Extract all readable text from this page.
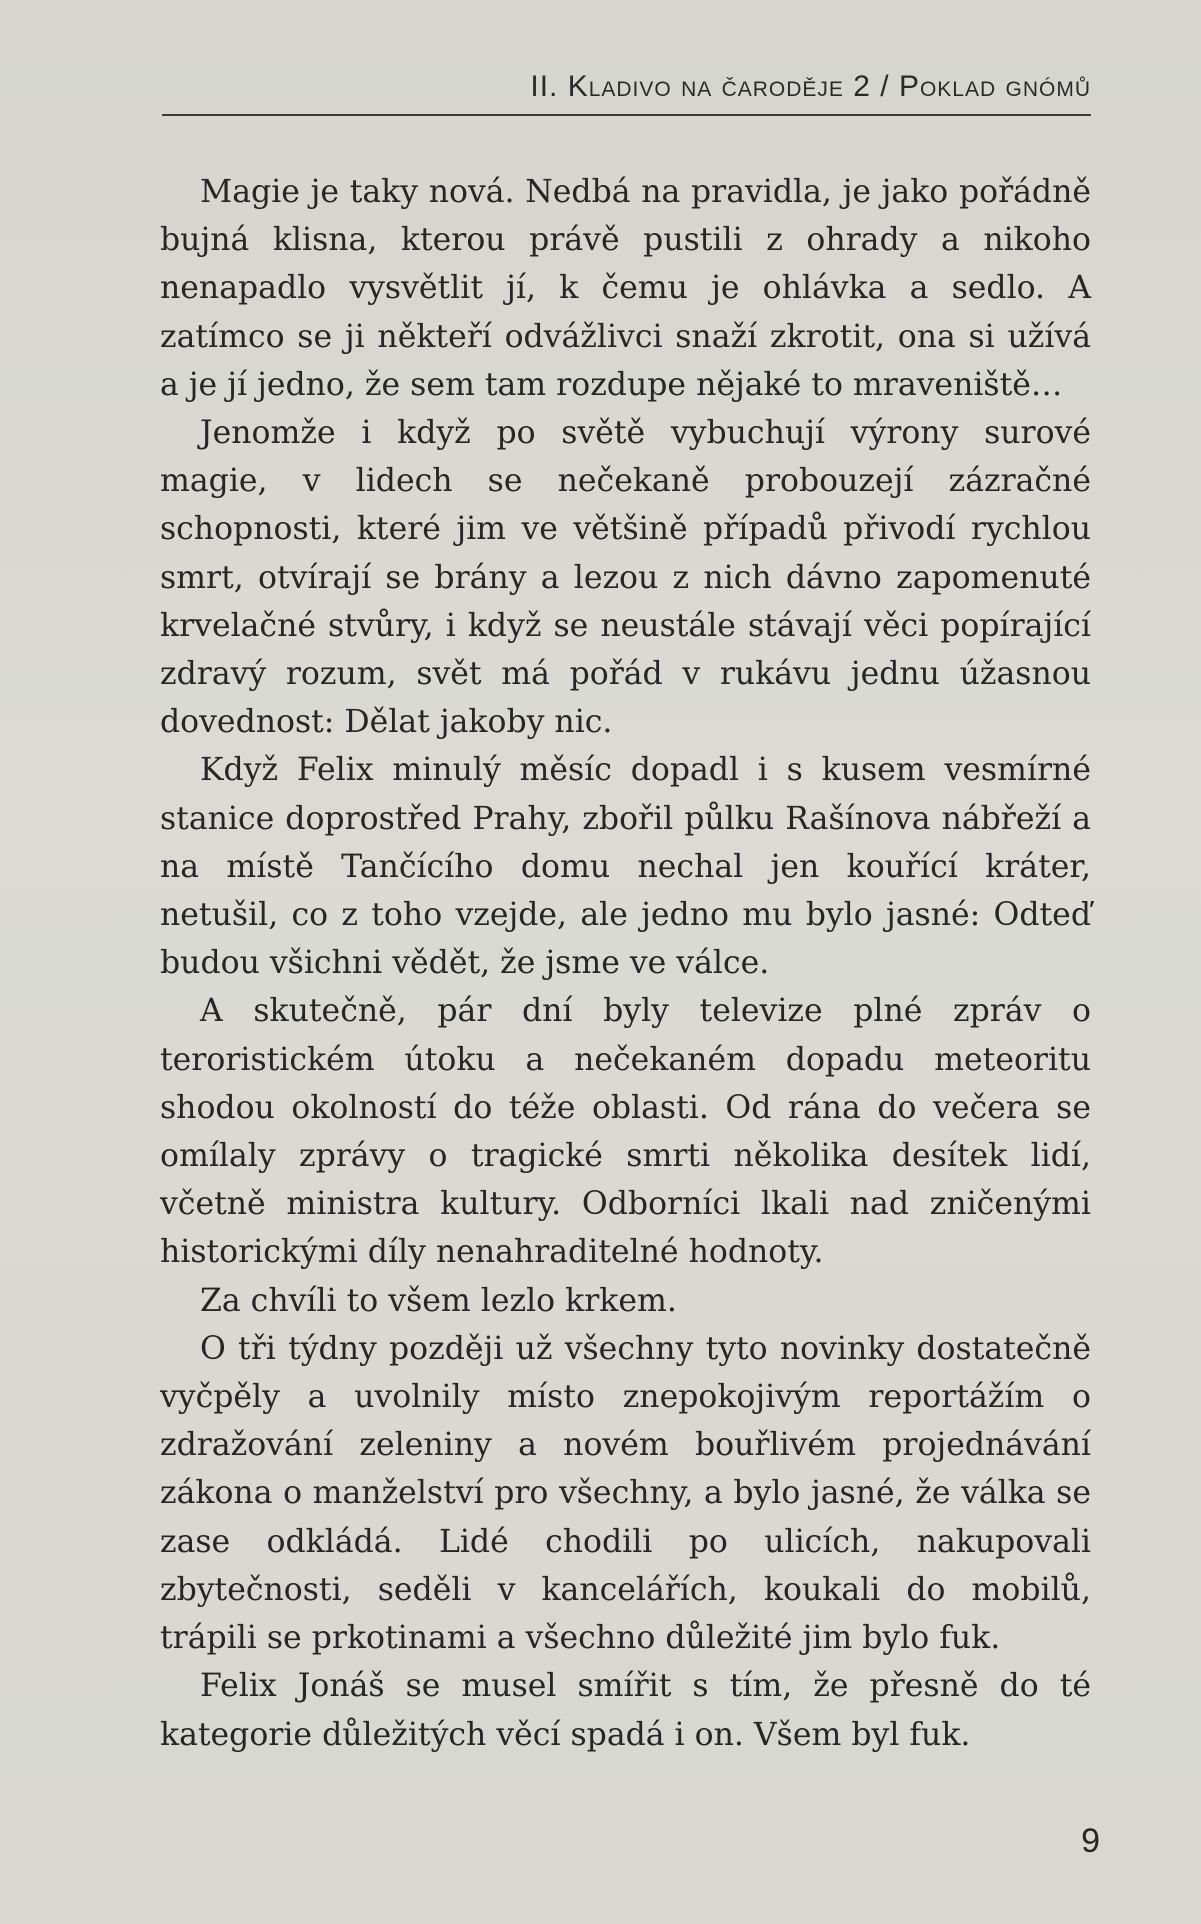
II. Kladivo na čaroděje 2 / Poklad gnómů

Magie je taky nová. Nedbá na pravidla, je jako pořádně bujná klisna, kterou právě pustili z ohrady a nikoho nenapadlo vysvětlit jí, k čemu je ohlávka a sedlo. A zatímco se ji někteří odvážlivci snaží zkrotit, ona si užívá a je jí jedno, že sem tam rozdupe nějaké to mraveniště…

Jenomže i když po světě vybuchují výrony surové magie, v lidech se nečekaně probouzejí zázračné schopnosti, které jim ve většině případů přivodí rychlou smrt, otvírají se brány a lezou z nich dávno zapomenuté krvelačné stvůry, i když se neustále stávají věci popírající zdravý rozum, svět má pořád v rukávu jednu úžasnou dovednost: Dělat jakoby nic.

Když Felix minulý měsíc dopadl i s kusem vesmírné stanice doprostřed Prahy, zbořil půlku Rašínova nábřeží a na místě Tančícího domu nechal jen kouřící kráter, netušil, co z toho vzejde, ale jedno mu bylo jasné: Odteď budou všichni vědět, že jsme ve válce.

A skutečně, pár dní byly televize plné zpráv o teroristickém útoku a nečekaném dopadu meteoritu shodou okolností do téže oblasti. Od rána do večera se omílaly zprávy o tragické smrti několika desítek lidí, včetně ministra kultury. Odborníci lkali nad zničenými historickými díly nenahraditelné hodnoty.

Za chvíli to všem lezlo krkem.

O tři týdny později už všechny tyto novinky dostatečně vyčpěly a uvolnily místo znepokojivým reportážím o zdražování zeleniny a novém bouřlivém projednávání zákona o manželství pro všechny, a bylo jasné, že válka se zase odkládá. Lidé chodili po ulicích, nakupovali zbytečnosti, seděli v kancelářích, koukali do mobilů, trápili se prkotinami a všechno důležité jim bylo fuk.

Felix Jonáš se musel smířit s tím, že přesně do té kategorie důležitých věcí spadá i on. Všem byl fuk.

9
